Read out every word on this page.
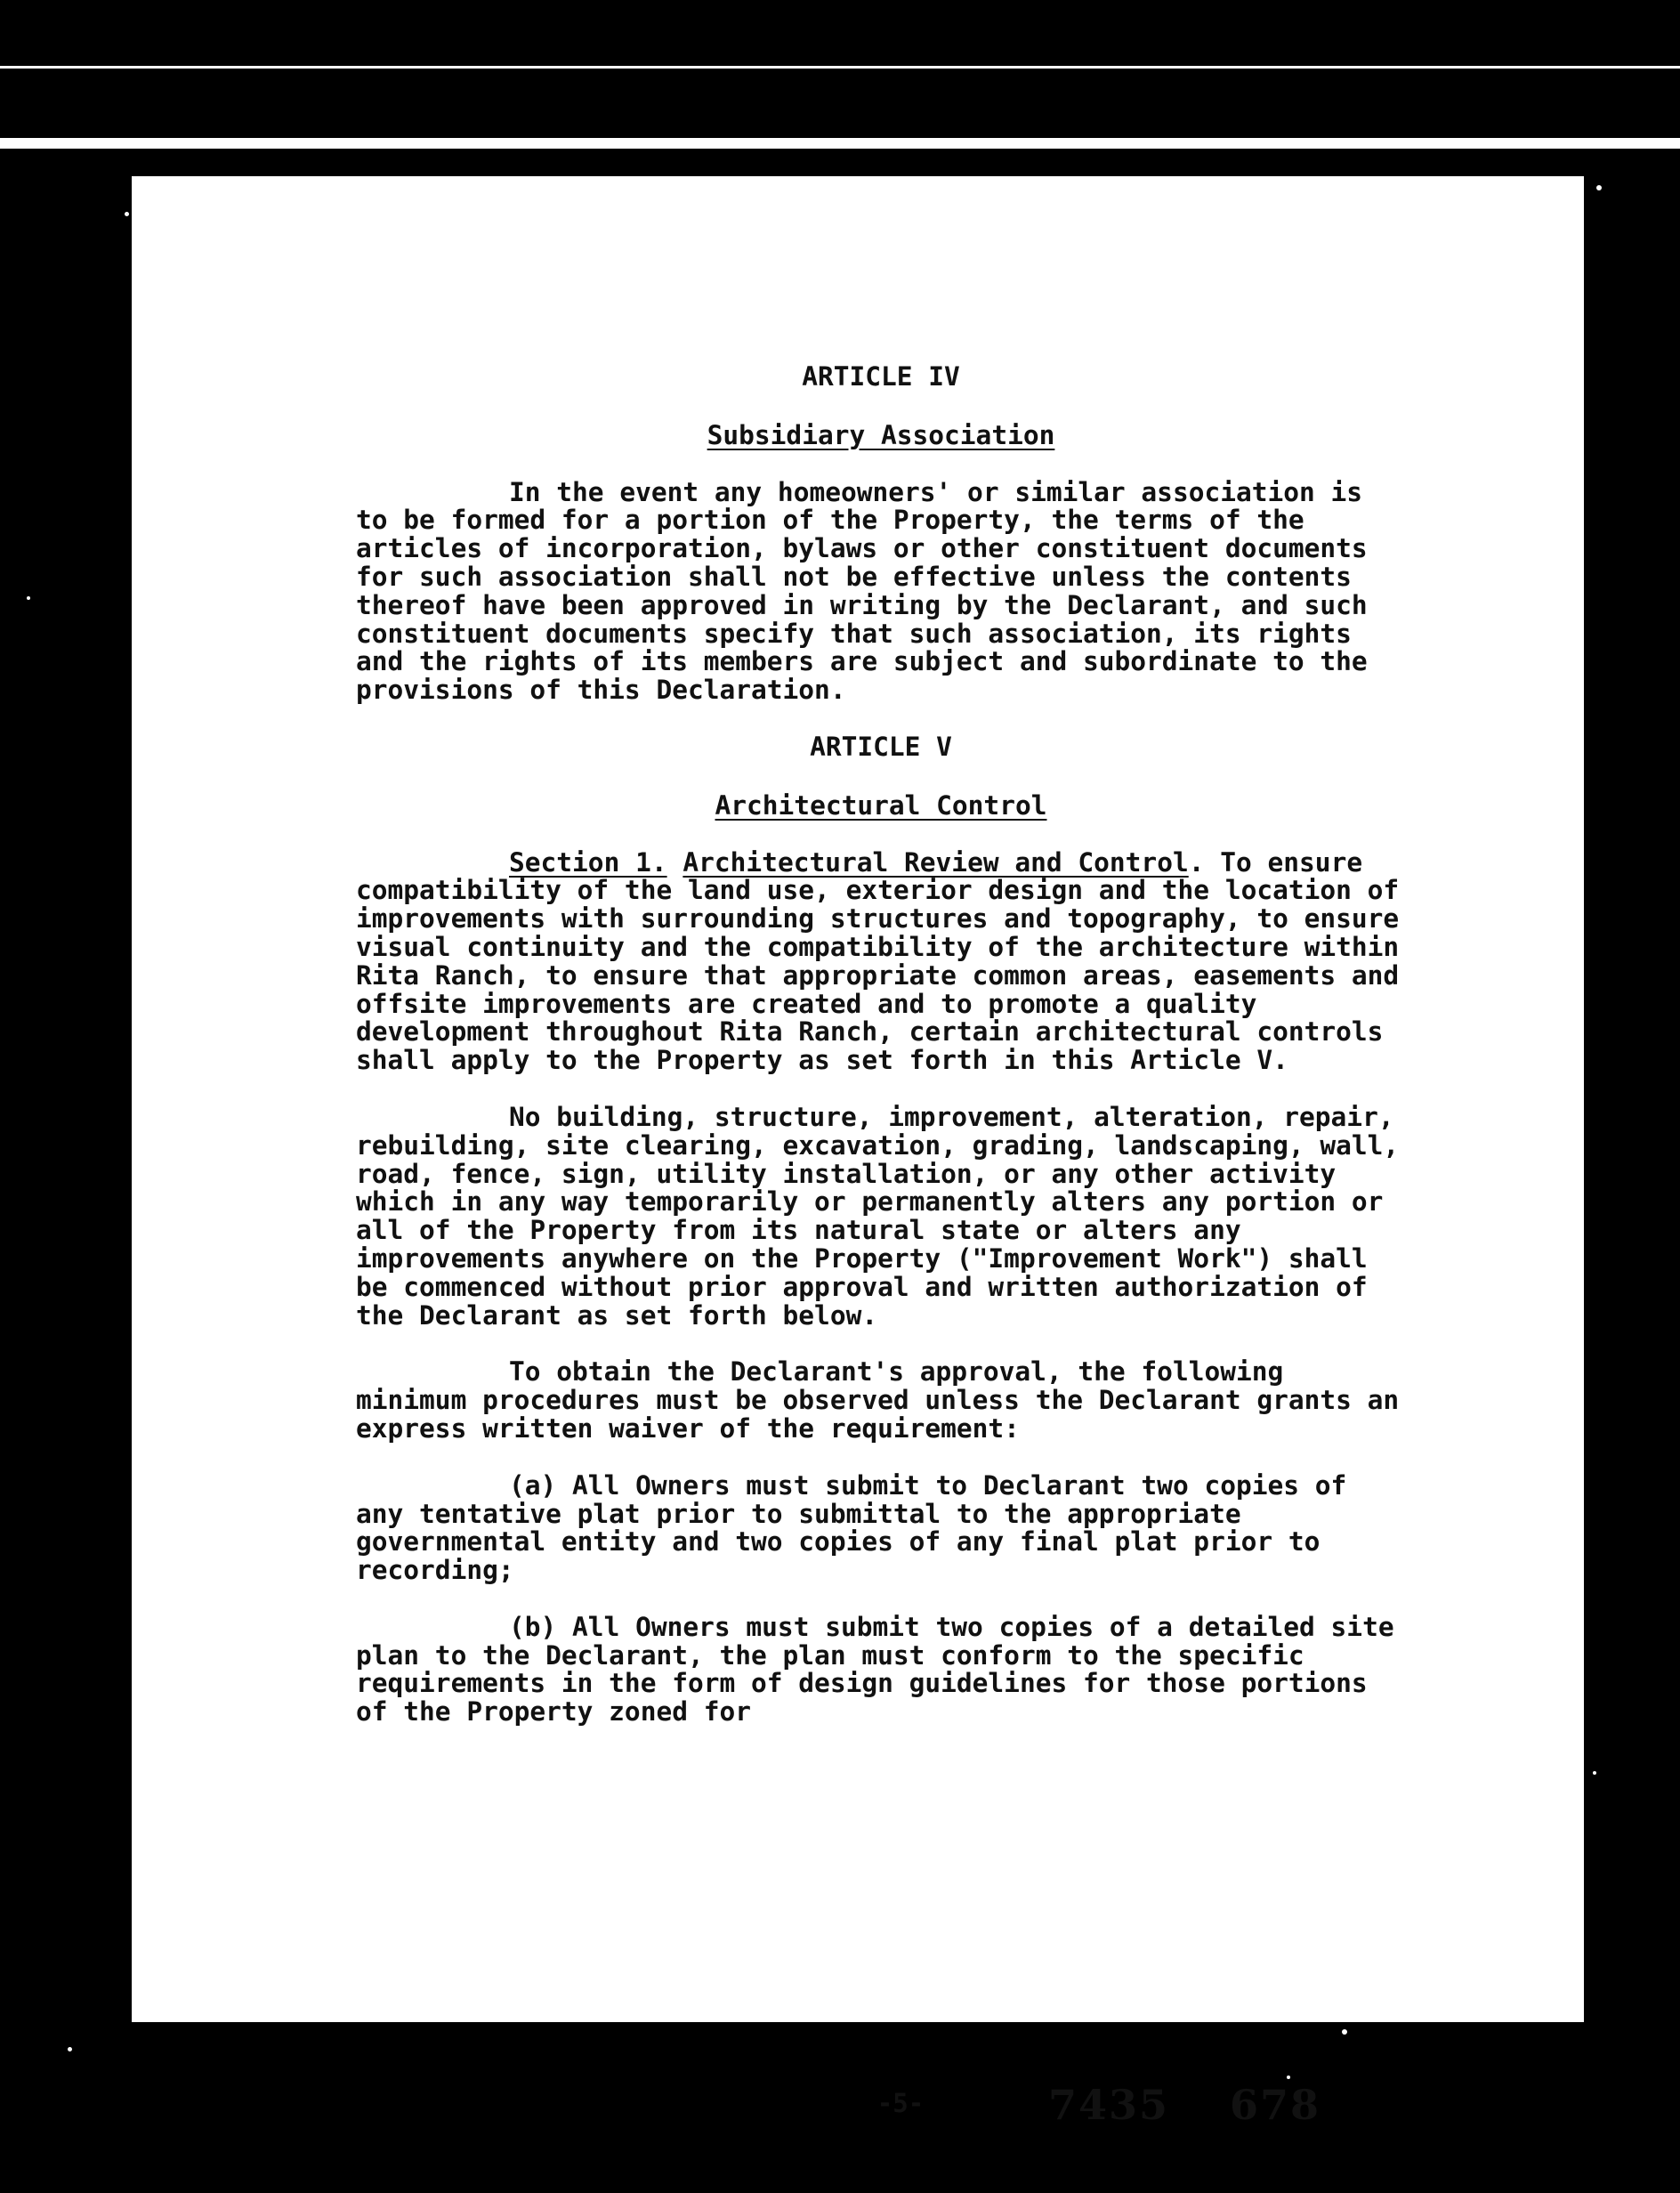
ARTICLE IV
Subsidiary Association

In the event any homeowners' or similar association is to be formed for a portion of the Property, the terms of the articles of incorporation, bylaws or other constituent documents for such association shall not be effective unless the contents thereof have been approved in writing by the Declarant, and such constituent documents specify that such association, its rights and the rights of its members are subject and subordinate to the provisions of this Declaration.

ARTICLE V
Architectural Control

Section 1. Architectural Review and Control. To ensure compatibility of the land use, exterior design and the location of improvements with surrounding structures and topography, to ensure visual continuity and the compatibility of the architecture within Rita Ranch, to ensure that appropriate common areas, easements and offsite improvements are created and to promote a quality development throughout Rita Ranch, certain architectural controls shall apply to the Property as set forth in this Article V.

No building, structure, improvement, alteration, repair, rebuilding, site clearing, excavation, grading, landscaping, wall, road, fence, sign, utility installation, or any other activity which in any way temporarily or permanently alters any portion or all of the Property from its natural state or alters any improvements anywhere on the Property ("Improvement Work") shall be commenced without prior approval and written authorization of the Declarant as set forth below.

To obtain the Declarant's approval, the following minimum procedures must be observed unless the Declarant grants an express written waiver of the requirement:

(a) All Owners must submit to Declarant two copies of any tentative plat prior to submittal to the appropriate governmental entity and two copies of any final plat prior to recording;

(b) All Owners must submit two copies of a detailed site plan to the Declarant, the plan must conform to the specific requirements in the form of design guidelines for those portions of the Property zoned for

-5-	7435 678
